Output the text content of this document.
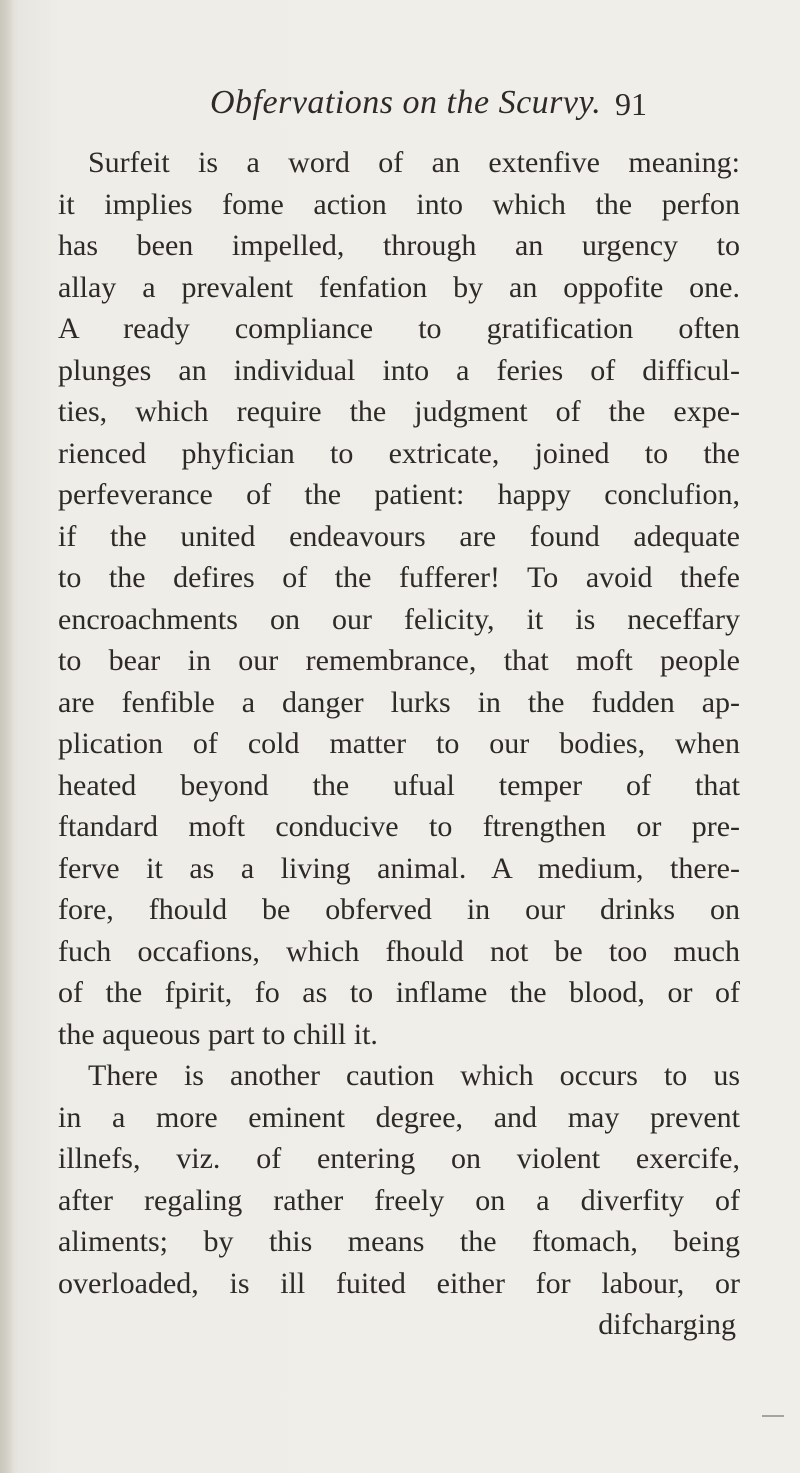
Obfervations on the Scurvy. 91
Surfeit is a word of an extenfive meaning:
it implies fome action into which the perfon
has been impelled, through an urgency to
allay a prevalent fenfation by an oppofite one.
A ready compliance to gratification often
plunges an individual into a feries of difficul-
ties, which require the judgment of the expe-
rienced phyfician to extricate, joined to the
perfeverance of the patient: happy conclufion,
if the united endeavours are found adequate
to the defires of the fufferer! To avoid thefe
encroachments on our felicity, it is neceffary
to bear in our remembrance, that moft people
are fenfible a danger lurks in the fudden ap-
plication of cold matter to our bodies, when
heated beyond the ufual temper of that
ftandard moft conducive to ftrengthen or pre-
ferve it as a living animal. A medium, there-
fore, fhould be obferved in our drinks on
fuch occafions, which fhould not be too much
of the fpirit, fo as to inflame the blood, or of
the aqueous part to chill it.
There is another caution which occurs to us
in a more eminent degree, and may prevent
illnefs, viz. of entering on violent exercife,
after regaling rather freely on a diverfity of
aliments; by this means the ftomach, being
overloaded, is ill fuited either for labour, or
difcharging
